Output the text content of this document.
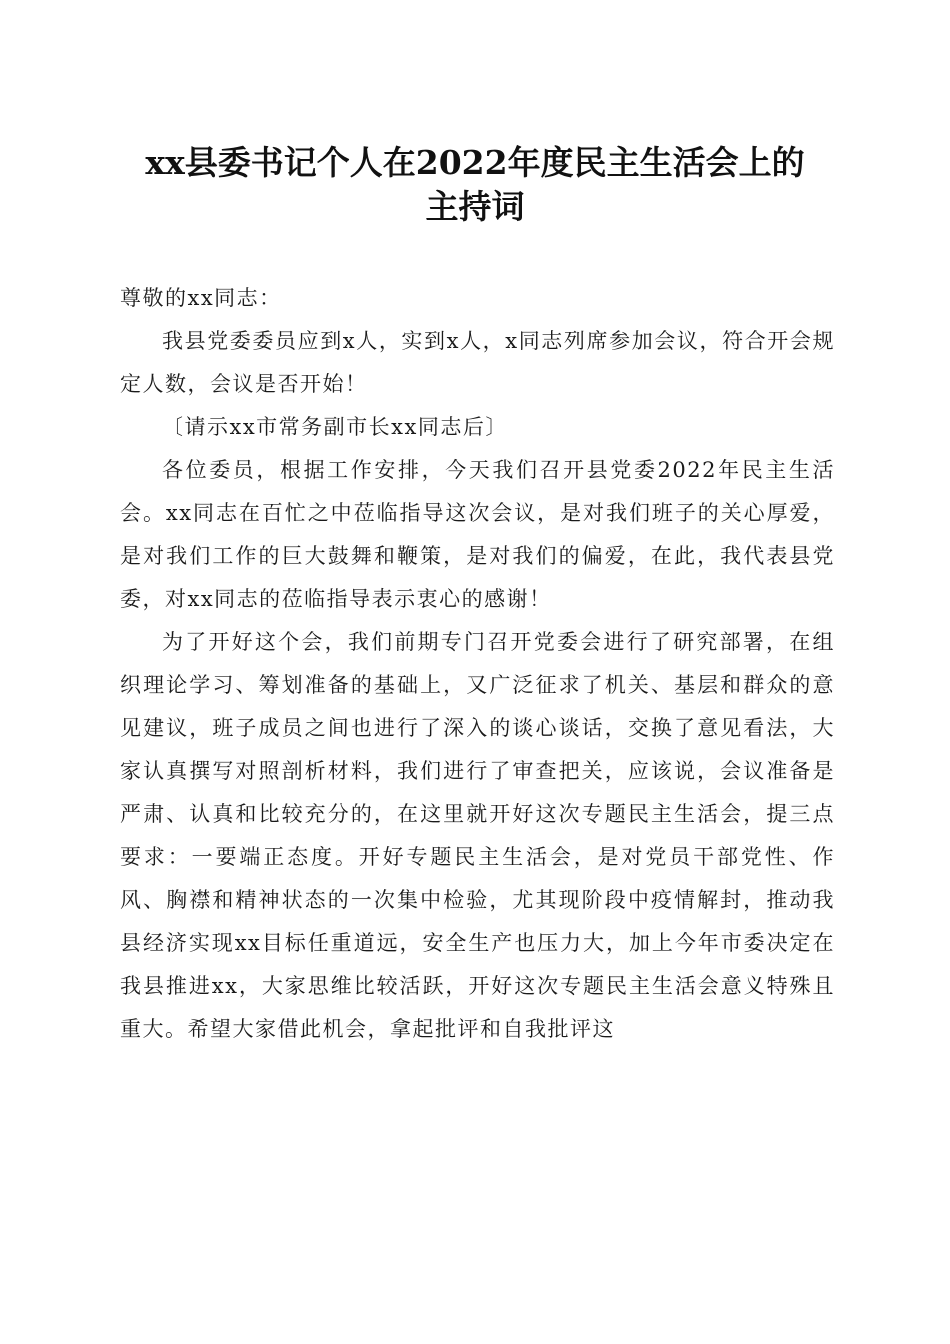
xx县委书记个人在2022年度民主生活会上的
主持词

尊敬的xx同志：

我县党委委员应到x人，实到x人，x同志列席参加会议，符合开会规定人数，会议是否开始！

〔请示xx市常务副市长xx同志后〕

各位委员，根据工作安排，今天我们召开县党委2022年民主生活会。xx同志在百忙之中莅临指导这次会议，是对我们班子的关心厚爱，是对我们工作的巨大鼓舞和鞭策，是对我们的偏爱，在此，我代表县党委，对xx同志的莅临指导表示衷心的感谢！

为了开好这个会，我们前期专门召开党委会进行了研究部署，在组织理论学习、筹划准备的基础上，又广泛征求了机关、基层和群众的意见建议，班子成员之间也进行了深入的谈心谈话，交换了意见看法，大家认真撰写对照剖析材料，我们进行了审查把关，应该说，会议准备是严肃、认真和比较充分的，在这里就开好这次专题民主生活会，提三点要求：一要端正态度。开好专题民主生活会，是对党员干部党性、作风、胸襟和精神状态的一次集中检验，尤其现阶段中疫情解封，推动我县经济实现xx目标任重道远，安全生产也压力大，加上今年市委决定在我县推进xx，大家思维比较活跃，开好这次专题民主生活会意义特殊且重大。希望大家借此机会，拿起批评和自我批评这
